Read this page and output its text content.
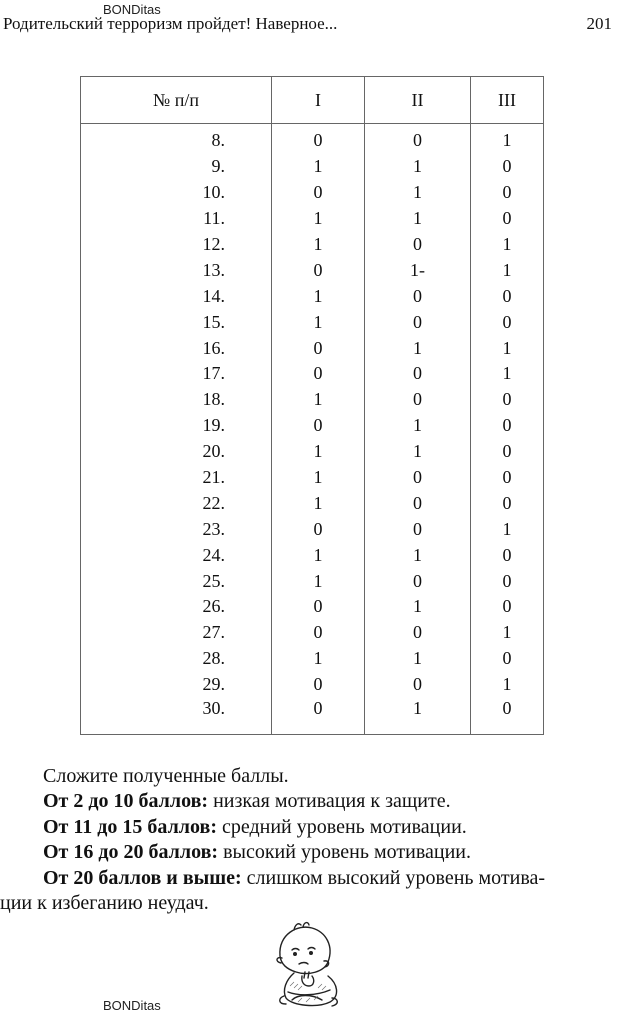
BONDitas
Родительский терроризм пройдет! Наверное...	201
№ п/п	I	II	III
8.	0	0	1
9.	1	1	0
10.	0	1	0
11.	1	1	0
12.	1	0	1
13.	0	1-	1
14.	1	0	0
15.	1	0	0
16.	0	1	1
17.	0	0	1
18.	1	0	0
19.	0	1	0
20.	1	1	0
21.	1	0	0
22.	1	0	0
23.	0	0	1
24.	1	1	0
25.	1	0	0
26.	0	1	0
27.	0	0	1
28.	1	1	0
29.	0	0	1
30.	0	1	0

Сложите полученные баллы.

От 2 до 10 баллов: низкая мотивация к защите.

От 11 до 15 баллов: средний уровень мотивации.

От 16 до 20 баллов: высокий уровень мотивации.

От 20 баллов и выше: слишком высокий уровень мотива-

ции к избеганию неудач.

BONDitas
